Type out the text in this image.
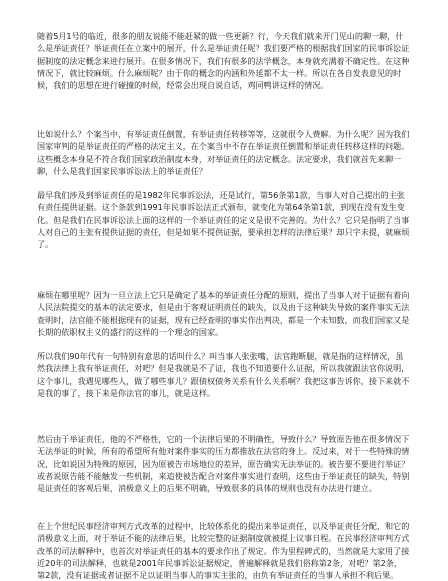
随着5月1号的临近，很多的朋友说能不能赶紧的做一些更新？行，今天我们就来开门见山的聊一聊，什么是举证责任？举证责任在立案中的展开，什么是举证责任呢？我们要严格的根据我们国家的民事诉讼证据制度的法定概念来进行展开。在很多情况下，我们有很多的法学概念，本身就充满着不确定性。在这种情况下，就比较麻烦。什么麻烦呢？由于你的概念的内涵和外延都不太一样。所以在各自发表意见的时候，我们的思想在进行碰撞的时候，经常会出现自说自话，鸡同鸭讲这样的情况。

比如说什么？个案当中，有举证责任倒置，有举证责任转移等等，这就很令人费解。为什么呢？因为我们国家审判的是举证责任的严格的法定主义，在个案当中不存在举证责任倒置和举证责任转移这样的问题。这些概念本身是不符合我们国家政治制度本身，对举证责任的法定概念。法定要求，我们就首先来聊一聊，什么是我们国家民事诉讼法上的举证责任？

最早我们涉及到举证责任的是1982年民事诉讼法，还是试行，第56条第1款，当事人对自己提出的主张有责任提供证据。这个条款到1991年民事诉讼法正式颁布，就变化为第64条第1款，到现在没有发生变化。但是我们在民事诉讼法上面的这样的一个举证责任的定义是很不完善的。为什么？它只是指明了当事人对自己的主张有提供证据的责任，但是如果不提供证据，要承担怎样的法律后果？却只字未提，就麻烦了。

麻烦在哪里呢？因为一旦立法上它只是确定了基本的举证责任分配的原则，提出了当事人对于证据有着向人民法院提交的基本的法定要求，但是由于客观证明责任的缺失，以及由于这种缺失导致的案件事实无法查明时，法官能不能根据现有的证据，现有已经查明的事实作出判决，都是一个未知数，而我们国家又是长期的依职权主义的盛行的这样的一个理念的国家。

所以我们90年代有一句特别有意思的话叫什么？叫当事人张张嘴，法官跑断腿，就是指的这样情况，虽然我法律上我有举证责任，对吧？但是我就是不了证，我也不知道要什么证据，所以我就跟法官你说明，这个事儿，我遇见哪些人，做了哪些事儿？跟债权债务关系有什么关系啊？我把这事告诉你，接下来就不是我的事了，接下来是你法官的事儿，就是这样。

然后由于举证责任，他的不严格性，它的一个法律后果的不明确性，导致什么？导致原告他在很多情况下无法举证的时候，所有的希望所有他对案件事实的压力都推放在法官的身上。反过来，对于一些特殊的情况，比如说因为特殊的原因，因为原被告市场地位的差异，原告确实无法举证的。被告要不要进行举证？或者说原告能不能触发一些机制，来追使被告配合对案件事实进行查明，这些由于举证责任的缺失，特别是证责任的客观后果，消极意义上的后果不明确，导致很多的具体的规则也没有办法进行建立。

在上个世纪民事经济审判方式改革的过程中，比较体系化的提出来举证责任，以及举证责任分配，和它的消极意义上面，对于举证不能的法律后果，比较完整的证据制度就被提上议事日程。在民事经济审判方式改革的司法解释中，也首次对举证责任的基本的要求作出了规定。作为里程碑式的，当然就是大家用了接近20年的司法解释，也就是2001年民事诉讼证据规定，普遍解释就是我们俗称第2条，对吧？第2条，第2款，没有证据或者证据不足以证明当事人的事实主张的，由负有举证责任的当事人承担不利后果。
